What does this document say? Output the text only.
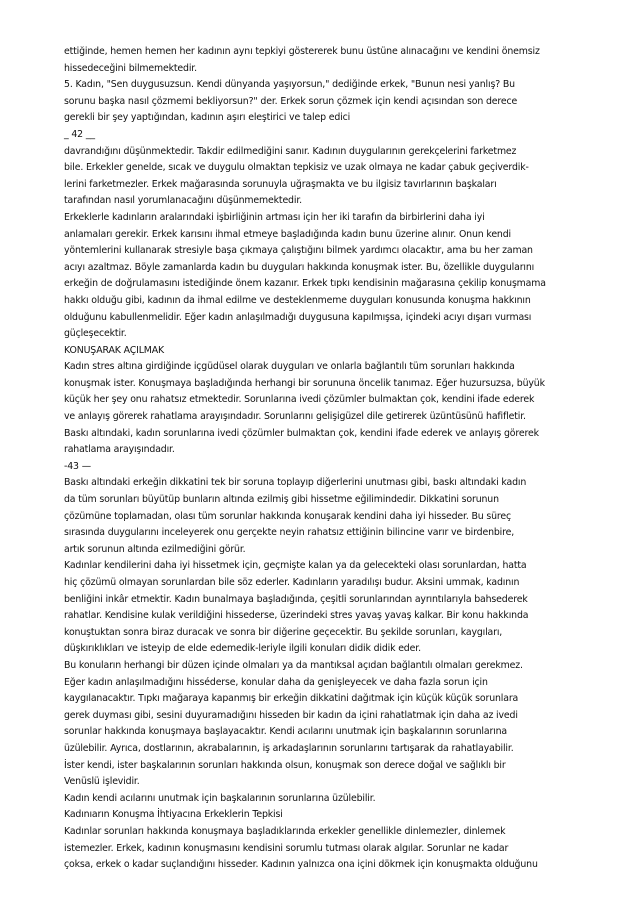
ettiğinde, hemen hemen her kadının aynı tepkiyi göstererek bunu üstüne alınacağını ve kendini önemsiz
hissedeceğini bilmemektedir.
5. Kadın, "Sen duygusuzsun. Kendi dünyanda yaşıyorsun," dediğinde erkek, "Bunun nesi yanlış? Bu
sorunu başka nasıl çözmemi bekliyorsun?" der. Erkek sorun çözmek için kendi açısından son derece
gerekli bir şey yaptığından, kadının aşırı eleştirici ve talep edici
_ 42 __
davrandığını düşünmektedir. Takdir edilmediğini sanır. Kadının duygularının gerekçelerini farketmez
bile. Erkekler genelde, sıcak ve duygulu olmaktan tepkisiz ve uzak olmaya ne kadar çabuk geçiverdik-
lerini farketmezler. Erkek mağarasında sorunuyla uğraşmakta ve bu ilgisiz tavırlarının başkaları
tarafından nasıl yorumlanacağını düşünmemektedir.
Erkeklerle kadınların aralarındaki işbirliğinin artması için her iki tarafın da birbirlerini daha iyi
anlamaları gerekir. Erkek karısını ihmal etmeye başladığında kadın bunu üzerine alınır. Onun kendi
yöntemlerini kullanarak stresiyle başa çıkmaya çalıştığını bilmek yardımcı olacaktır, ama bu her zaman
acıyı azaltmaz. Böyle zamanlarda kadın bu duyguları hakkında konuşmak ister. Bu, özellikle duygularını
erkeğin de doğrulamasını istediğinde önem kazanır. Erkek tıpkı kendisinin mağarasına çekilip konuşmama
hakkı olduğu gibi, kadının da ihmal edilme ve desteklenmeme duyguları konusunda konuşma hakkının
olduğunu kabullenmelidir. Eğer kadın anlaşılmadığı duygusuna kapılmışsa, içindeki acıyı dışarı vurması
güçleşecektir.
KONUŞARAK AÇILMAK
Kadın stres altına girdiğinde içgüdüsel olarak duyguları ve onlarla bağlantılı tüm sorunları hakkında
konuşmak ister. Konuşmaya başladığında herhangi bir sorununa öncelik tanımaz. Eğer huzursuzsa, büyük
küçük her şey onu rahatsız etmektedir. Sorunlarına ivedi çözümler bulmaktan çok, kendini ifade ederek
ve anlayış görerek rahatlama arayışındadır. Sorunlarını gelişigüzel dile getirerek üzüntüsünü hafifletir.
Baskı altındaki, kadın sorunlarına ivedi çözümler bulmaktan çok, kendini ifade ederek ve anlayış görerek
rahatlama arayışındadır.
-43 —
Baskı altındaki erkeğin dikkatini tek bir soruna toplayıp diğerlerini unutması gibi, baskı altındaki kadın
da tüm sorunları büyütüp bunların altında ezilmiş gibi hissetme eğilimindedir. Dikkatini sorunun
çözümüne toplamadan, olası tüm sorunlar hakkında konuşarak kendini daha iyi hisseder. Bu süreç
sırasında duygularını inceleyerek onu gerçekte neyin rahatsız ettiğinin bilincine varır ve birdenbire,
artık sorunun altında ezilmediğini görür.
Kadınlar kendilerini daha iyi hissetmek için, geçmişte kalan ya da gelecekteki olası sorunlardan, hatta
hiç çözümü olmayan sorunlardan bile söz ederler. Kadınların yaradılışı budur. Aksini ummak, kadının
benliğini inkâr etmektir. Kadın bunalmaya başladığında, çeşitli sorunlarından ayrıntılarıyla bahsederek
rahatlar. Kendisine kulak verildiğini hissederse, üzerindeki stres yavaş yavaş kalkar. Bir konu hakkında
konuştuktan sonra biraz duracak ve sonra bir diğerine geçecektir. Bu şekilde sorunları, kaygıları,
düşkırıklıkları ve isteyip de elde edemedik-leriyle ilgili konuları didik didik eder.
Bu konuların herhangi bir düzen içinde olmaları ya da mantıksal açıdan bağlantılı olmaları gerekmez.
Eğer kadın anlaşılmadığını hisséderse, konular daha da genişleyecek ve daha fazla sorun için
kaygılanacaktır. Tıpkı mağaraya kapanmış bir erkeğin dikkatini dağıtmak için küçük küçük sorunlara
gerek duyması gibi, sesini duyuramadığını hisseden bir kadın da içini rahatlatmak için daha az ivedi
sorunlar hakkında konuşmaya başlayacaktır. Kendi acılarını unutmak için başkalarının sorunlarına
üzülebilir. Ayrıca, dostlarının, akrabalarının, iş arkadaşlarının sorunlarını tartışarak da rahatlayabilir.
İster kendi, ister başkalarının sorunları hakkında olsun, konuşmak son derece doğal ve sağlıklı bir
Venüslü işlevidir.
Kadın kendi acılarını unutmak için başkalarının sorunlarına üzülebilir.
Kadınıarın Konuşma İhtiyacına Erkeklerin Tepkisi
Kadınlar sorunları hakkında konuşmaya başladıklarında erkekler genellikle dinlemezler, dinlemek
istemezler. Erkek, kadının konuşmasını kendisini sorumlu tutması olarak algılar. Sorunlar ne kadar
çoksa, erkek o kadar suçlandığını hisseder. Kadının yalnızca ona içini dökmek için konuşmakta olduğunu
